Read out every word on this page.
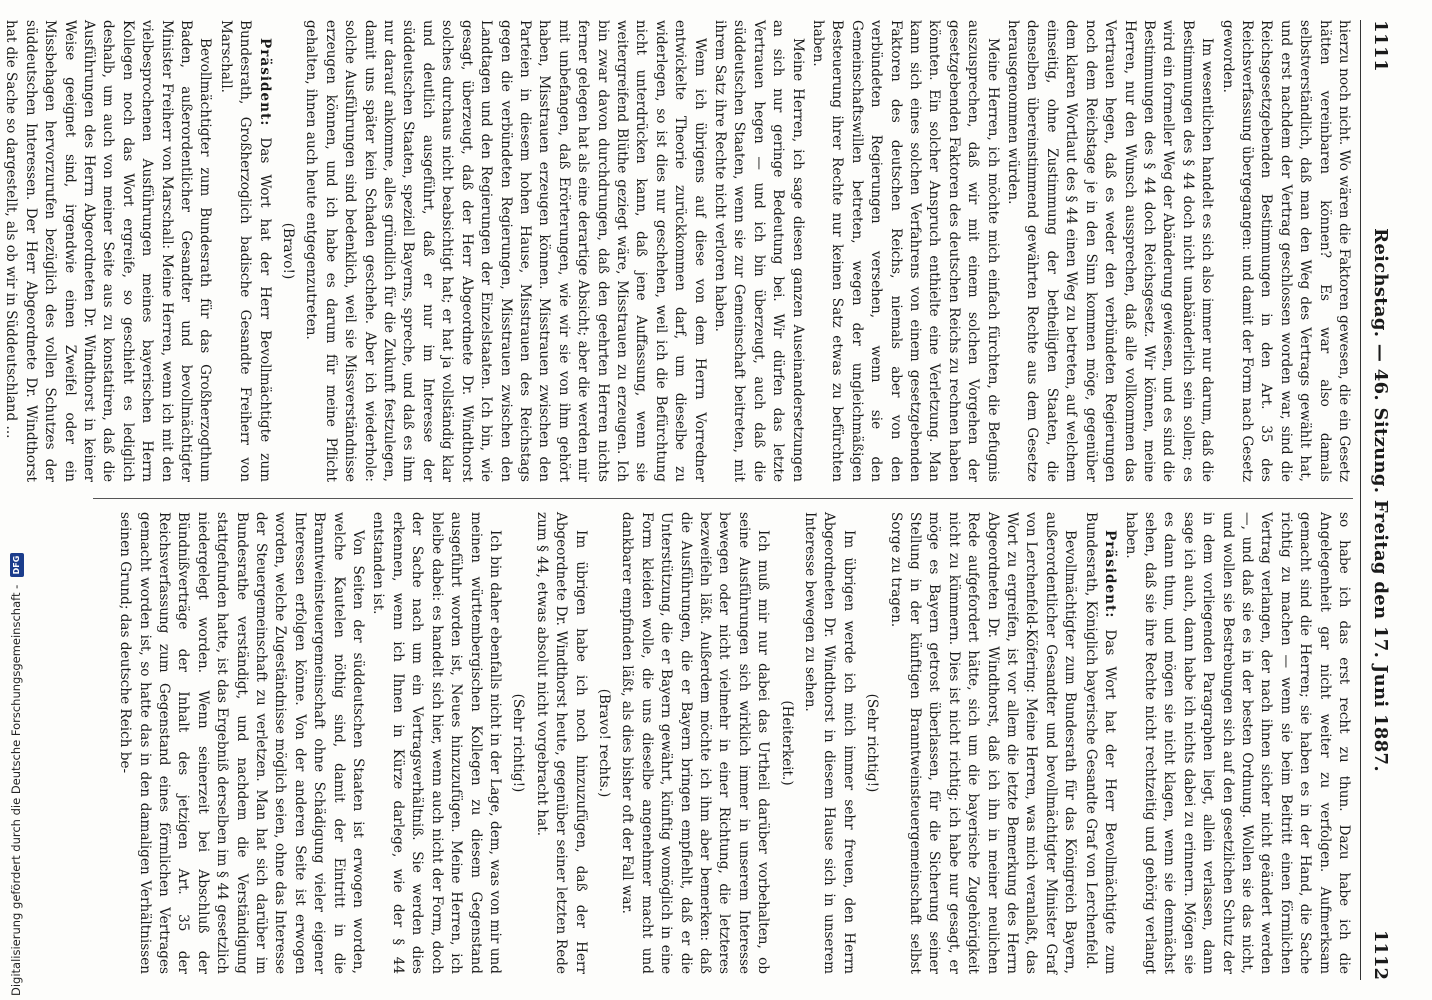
1111
Reichstag. — 46. Sitzung. Freitag den 17. Juni 1887.
1112

hierzu noch nicht. Wo wären die Faktoren gewesen, die ein Gesetz hätten vereinbaren können? Es war also damals selbstverständlich, daß man den Weg des Vertrags gewählt hat, und erst nachdem der Vertrag geschlossen worden war, sind die Reichsgesetzgebenden Bestimmungen in den Art. 35 des Reichsverfassung übergegangen: und damit der Form nach Gesetz geworden.

Im wesentlichen handelt es sich also immer nur darum, daß die Bestimmungen des § 44 doch nicht unabänderlich sein sollen; es wird ein formeller Weg der Abänderung gewiesen, und es sind die Bestimmungen des § 44 doch Reichsgesetz. Wir können, meine Herren, nur den Wunsch aussprechen, daß alle vollkommen das Vertrauen hegen, daß es weder den verbündeten Regierungen noch dem Reichstage je in den Sinn kommen möge, gegenüber dem klaren Wortlaut des § 44 einen Weg zu betreten, auf welchem einseitig, ohne Zustimmung der betheiligten Staaten, die denselben übereinstimmend gewährten Rechte aus dem Gesetze herausgenommen würden.

Meine Herren, ich möchte mich einfach fürchten, die Befugnis auszusprechen, daß wir mit einem solchen Vorgehen der gesetzgebenden Faktoren des deutschen Reichs zu rechnen haben könnten. Ein solcher Anspruch enthielte eine Verletzung. Man kann sich eines solchen Verfahrens von einem gesetzgebenden Faktoren des deutschen Reichs, niemals aber von den verbündeten Regierungen versehen, wenn sie den Gemeinschaftswillen betreten, wegen der ungleichmäßigen Besteuerung ihrer Rechte nur keinen Satz etwas zu befürchten haben.

Meine Herren, ich sage diesen ganzen Auseinandersetzungen an sich nur geringe Bedeutung bei. Wir dürfen das letzte Vertrauen hegen — und ich bin überzeugt, auch daß die süddeutschen Staaten, wenn sie zur Gemeinschaft beitreten, mit ihrem Satz ihre Rechte nicht verloren haben.

Wenn ich übrigens auf diese von dem Herrn Vorredner entwickelte Theorie zurückkommen darf, um dieselbe zu widerlegen, so ist dies nur geschehen, weil ich die Befürchtung nicht unterdrücken kann, daß jene Auffassung, wenn sie weitergreifend Blüthe geziegt wäre, Misstrauen zu erzeugen. Ich bin zwar davon durchdrungen, daß den geehrten Herren nichts ferner gelegen hat als eine derartige Absicht; aber die werden mir mit unbefangen, daß Erörterungen, wie wir sie von ihm gehört haben, Misstrauen erzeugen können. Misstrauen zwischen den Parteien in diesem hohen Hause, Misstrauen des Reichstags gegen die verbündeten Regierungen, Misstrauen zwischen den Landtagen und den Regierungen der Einzelstaaten. Ich bin, wie gesagt, überzeugt, daß der Herr Abgeordnete Dr. Windthorst solches durchaus nicht beabsichtigt hat; er hat ja vollständig klar und deutlich ausgeführt, daß er nur im Interesse der süddeutschen Staaten, speziell Bayerns, spreche, und daß es ihm nur darauf ankomme, alles gründlich für die Zukunft festzulegen, damit uns später kein Schaden geschehe. Aber ich wiederhole: solche Ausführungen sind bedenklich, weil sie Missverständnisse erzeugen können, und ich habe es darum für meine Pflicht gehalten, ihnen auch heute entgegenzutreten.

(Bravo!)

Präsident: Das Wort hat der Herr Bevollmächtigte zum Bundesrath, Großherzoglich badische Gesandte Freiherr von Marschall.

Bevollmächtigter zum Bundesrath für das Großherzogthum Baden, außerordentlicher Gesandter und bevollmächtigter Minister Freiherr von Marschall: Meine Herren, wenn ich mit den vielbesprochenen Ausführungen meines bayerischen Herrn Kollegen noch das Wort ergreife, so geschieht es lediglich deshalb, um auch von meiner Seite aus zu konstatiren, daß die Ausführungen des Herrn Abgeordneten Dr. Windthorst in keiner Weise geeignet sind, irgendwie einen Zweifel oder ein Missbehagen hervorzurufen bezüglich des vollen Schutzes der süddeutschen Interessen. Der Herr Abgeordnete Dr. Windthorst hat die Sache so dargestellt, als ob wir in Süddeutschland ...

so habe ich das erst recht zu thun. Dazu habe ich die Angelegenheit gar nicht weiter zu verfolgen. Aufmerksam gemacht sind die Herren; sie haben es in der Hand, die Sache richtig zu machen — wenn sie beim Beitritt einen förmlichen Vertrag verlangen, der nach ihnen sicher nicht geändert werden —, und daß sie es in der besten Ordnung. Wollen sie das nicht, und wollen sie Bestrebungen sich auf den gesetzlichen Schutz der in dem vorliegenden Paragraphen liegt, allein verlassen, dann sage ich auch, dann habe ich nichts dabei zu erinnern. Mögen sie es dann thun, und mögen sie nicht klagen, wenn sie demnächst sehen, daß sie ihre Rechte nicht rechtzeitig und gehörig verlangt haben.

Präsident: Das Wort hat der Herr Bevollmächtigte zum Bundesrath, Königlich bayerische Gesandte Graf von Lerchenfeld.

Bevollmächtigter zum Bundesrath für das Königreich Bayern, außerordentlicher Gesandter und bevollmächtigter Minister Graf von Lerchenfeld-Köfering: Meine Herren, was mich veranlaßt, das Wort zu ergreifen, ist vor allem die letzte Bemerkung des Herrn Abgeordneten Dr. Windthorst, daß ich ihn in meiner neulichen Rede aufgefordert hätte, sich um die bayerische Zugehörigkeit nicht zu kümmern. Dies ist nicht richtig; ich habe nur gesagt, er möge es Bayern getrost überlassen, für die Sicherung seiner Stellung in der künftigen Branntweinsteuergemeinschaft selbst Sorge zu tragen.

(Sehr richtig!)

Im übrigen werde ich mich immer sehr freuen, den Herrn Abgeordneten Dr. Windthorst in diesem Hause sich in unserem Interesse bewegen zu sehen.

(Heiterkeit.)

Ich muß mir nur dabei das Urtheil darüber vorbehalten, ob seine Ausführungen sich wirklich immer in unserem Interesse bewegen oder nicht vielmehr in einer Richtung, die letzteres bezweifeln läßt. Außerdem möchte ich ihm aber bemerken: daß die Ausführungen, die er Bayern bringen empfiehlt, daß er die Unterstützung, die er Bayern gewährt, künftig womöglich in eine Form kleiden wolle, die uns dieselbe angenehmer macht und dankbarer empfinden läßt, als dies bisher oft der Fall war.

(Bravo! rechts.)

Im übrigen habe ich noch hinzuzufügen, daß der Herr Abgeordnete Dr. Windthorst heute, gegenüber seiner letzten Rede zum § 44, etwas absolut nicht vorgebracht hat.

(Sehr richtig!)

Ich bin daher ebenfalls nicht in der Lage, dem, was von mir und meinen württembergischen Kollegen zu diesem Gegenstand ausgeführt worden ist, Neues hinzuzufügen. Meine Herren, ich bleibe dabei: es handelt sich hier, wenn auch nicht der Form, doch der Sache nach um ein Vertragsverhältniß. Sie werden dies erkennen, wenn ich Ihnen in Kürze darlege, wie der § 44 entstanden ist.

Von Seiten der süddeutschen Staaten ist erwogen worden, welche Kautelen nöthig sind, damit der Eintritt in die Branntweinsteuergemeinschaft ohne Schädigung vieler eigener Interessen erfolgen könne. Von der anderen Seite ist erwogen worden, welche Zugeständnisse möglich seien, ohne das Interesse der Steuergemeinschaft zu verletzen. Man hat sich darüber im Bundesrathe verständigt, und nachdem die Verständigung stattgefunden hatte, ist das Ergebniß derselben im § 44 gesetzlich niedergelegt worden. Wenn seinerzeit bei Abschluß der Bündnißverträge der Inhalt des jetzigen Art. 35 der Reichsverfassung zum Gegenstand eines förmlichen Vertrages gemacht worden ist, so hatte das in den damaligen Verhältnissen seinen Grund; das deutsche Reich be-

Digitalisierung gefördert durch die Deutsche Forschungsgemeinschaft - DFG
